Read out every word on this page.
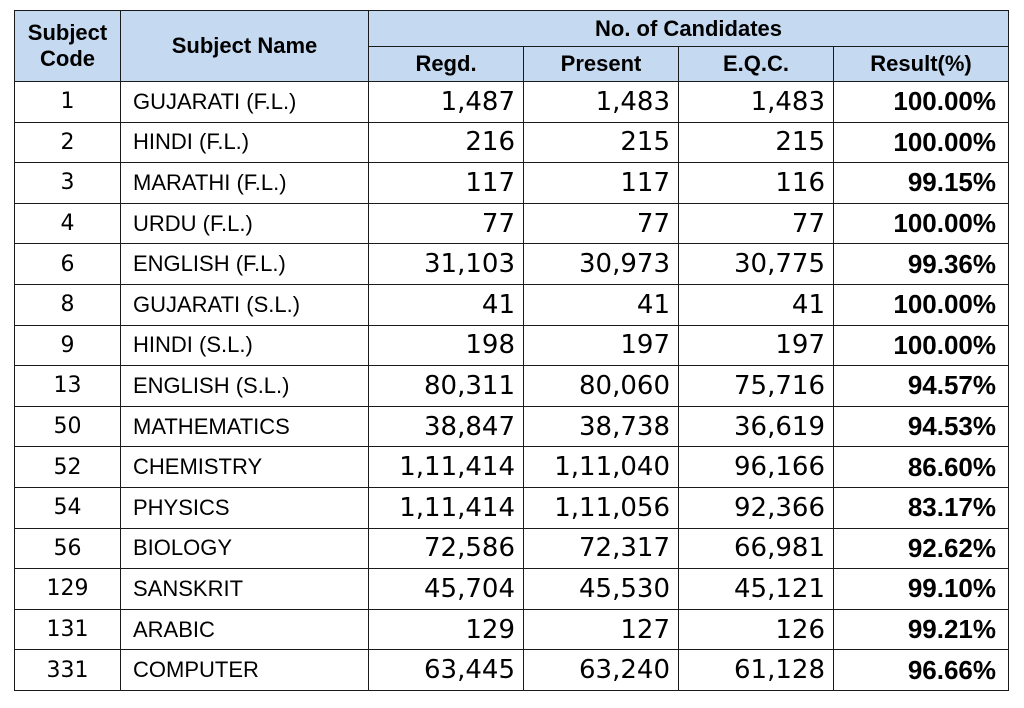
Subject Code	Subject Name	No. of Candidates			
		Regd.	Present	E.Q.C.	Result(%)
1	GUJARATI (F.L.)	1,487	1,483	1,483	100.00%
2	HINDI (F.L.)	216	215	215	100.00%
3	MARATHI (F.L.)	117	117	116	99.15%
4	URDU (F.L.)	77	77	77	100.00%
6	ENGLISH (F.L.)	31,103	30,973	30,775	99.36%
8	GUJARATI (S.L.)	41	41	41	100.00%
9	HINDI (S.L.)	198	197	197	100.00%
13	ENGLISH (S.L.)	80,311	80,060	75,716	94.57%
50	MATHEMATICS	38,847	38,738	36,619	94.53%
52	CHEMISTRY	1,11,414	1,11,040	96,166	86.60%
54	PHYSICS	1,11,414	1,11,056	92,366	83.17%
56	BIOLOGY	72,586	72,317	66,981	92.62%
129	SANSKRIT	45,704	45,530	45,121	99.10%
131	ARABIC	129	127	126	99.21%
331	COMPUTER	63,445	63,240	61,128	96.66%
